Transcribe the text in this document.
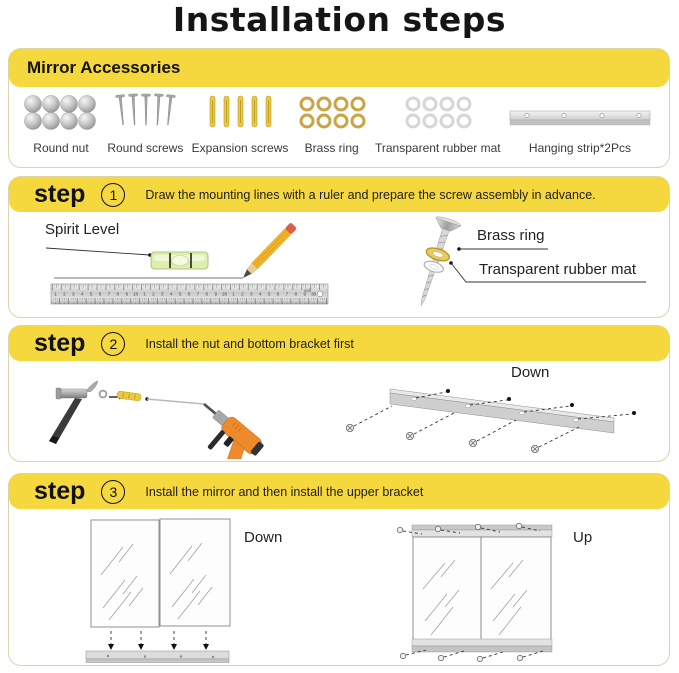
Installation steps
Mirror Accessories
Round nut Round screws Expansion screws Brass ring Transparent rubber mat Hanging strip*2Pcs
step	1	Draw the mounting lines with a ruler and prepare the screw assembly in advance.
Spirit Level	Brass ring
Transparent rubber mat
1 2 3 4 5 6 7 8 9 10 1 2 3 4 5 6 7 8 9 20 1 2 3 4 5 6 7 8 9 30
deli
step	2	Install the nut and bottom bracket first
Down
step	3	Install the mirror and then install the upper bracket
Down	Up
